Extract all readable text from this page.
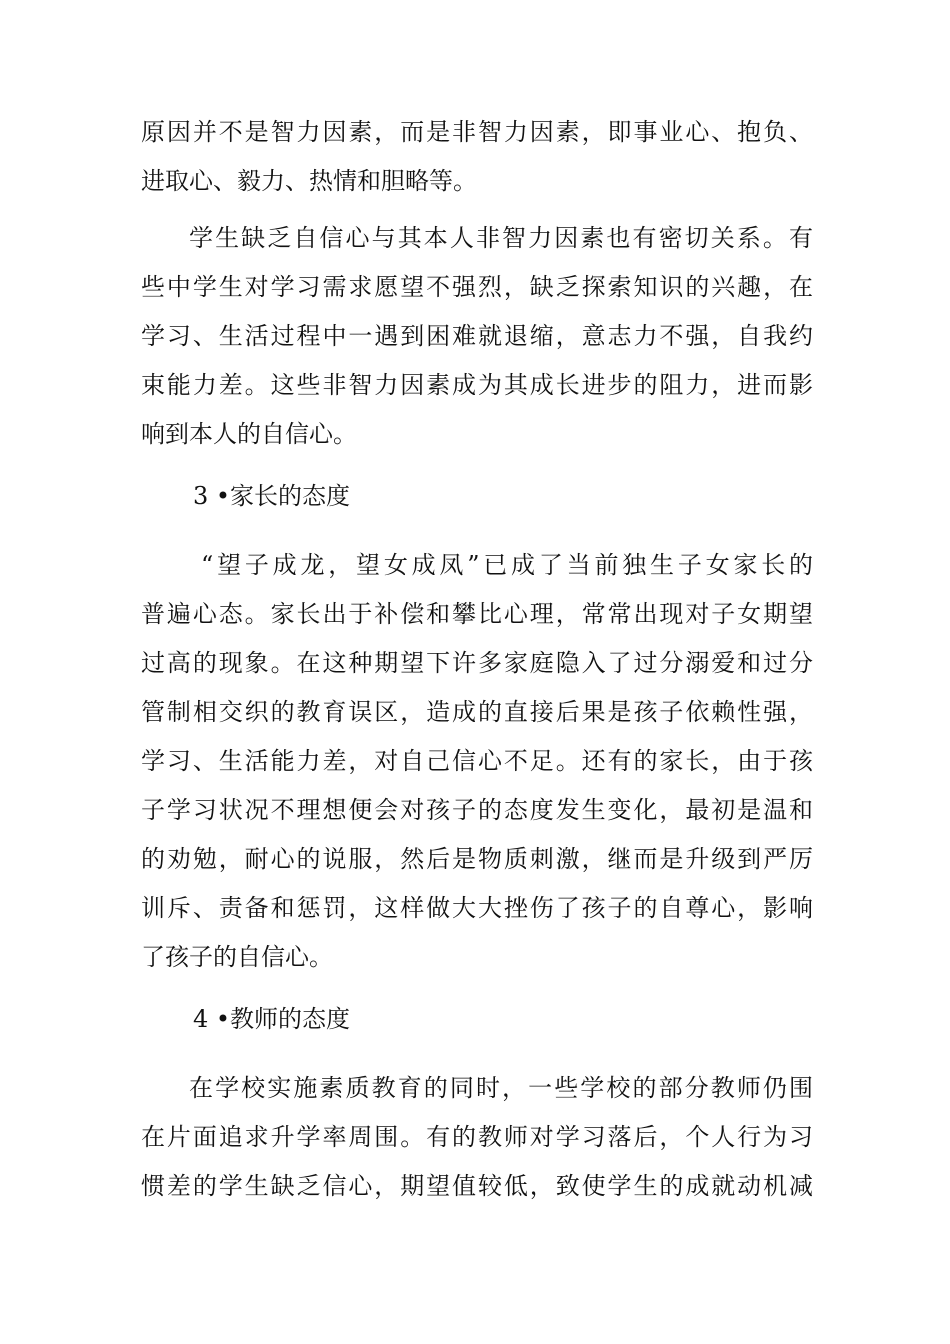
原因并不是智力因素，而是非智力因素，即事业心、抱负、
进取心、毅力、热情和胆略等。
学生缺乏自信心与其本人非智力因素也有密切关系。有
些中学生对学习需求愿望不强烈，缺乏探索知识的兴趣，在
学习、生活过程中一遇到困难就退缩，意志力不强，自我约
束能力差。这些非智力因素成为其成长进步的阻力，进而影
响到本人的自信心。
3 •家长的态度
“望子成龙，望女成凤”已成了当前独生子女家长的
普遍心态。家长出于补偿和攀比心理，常常出现对子女期望
过高的现象。在这种期望下许多家庭隐入了过分溺爱和过分
管制相交织的教育误区，造成的直接后果是孩子依赖性强，
学习、生活能力差，对自己信心不足。还有的家长，由于孩
子学习状况不理想便会对孩子的态度发生变化，最初是温和
的劝勉，耐心的说服，然后是物质刺激，继而是升级到严厉
训斥、责备和惩罚，这样做大大挫伤了孩子的自尊心，影响
了孩子的自信心。
4 •教师的态度
在学校实施素质教育的同时，一些学校的部分教师仍围
在片面追求升学率周围。有的教师对学习落后，个人行为习
惯差的学生缺乏信心，期望值较低，致使学生的成就动机减
